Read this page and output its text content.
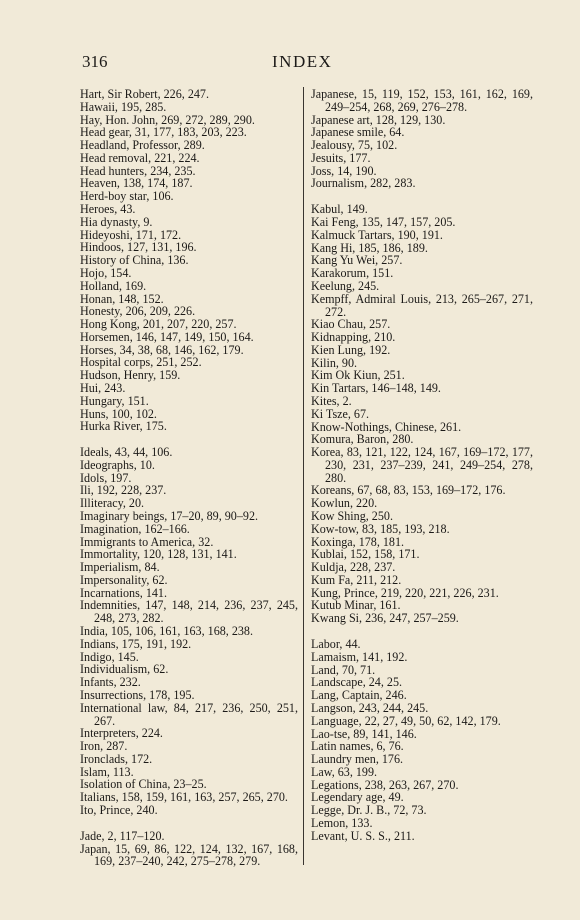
316	INDEX
Hart, Sir Robert, 226, 247.
Hawaii, 195, 285.
Hay, Hon. John, 269, 272, 289, 290.
Head gear, 31, 177, 183, 203, 223.
Headland, Professor, 289.
Head removal, 221, 224.
Head hunters, 234, 235.
Heaven, 138, 174, 187.
Herd-boy star, 106.
Heroes, 43.
Hia dynasty, 9.
Hideyoshi, 171, 172.
Hindoos, 127, 131, 196.
History of China, 136.
Hojo, 154.
Holland, 169.
Honan, 148, 152.
Honesty, 206, 209, 226.
Hong Kong, 201, 207, 220, 257.
Horsemen, 146, 147, 149, 150, 164.
Horses, 34, 38, 68, 146, 162, 179.
Hospital corps, 251, 252.
Hudson, Henry, 159.
Hui, 243.
Hungary, 151.
Huns, 100, 102.
Hurka River, 175.
Ideals, 43, 44, 106.
Ideographs, 10.
Idols, 197.
Ili, 192, 228, 237.
Illiteracy, 20.
Imaginary beings, 17–20, 89, 90–92.
Imagination, 162–166.
Immigrants to America, 32.
Immortality, 120, 128, 131, 141.
Imperialism, 84.
Impersonality, 62.
Incarnations, 141.
Indemnities, 147, 148, 214, 236, 237, 245, 248, 273, 282.
India, 105, 106, 161, 163, 168, 238.
Indians, 175, 191, 192.
Indigo, 145.
Individualism, 62.
Infants, 232.
Insurrections, 178, 195.
International law, 84, 217, 236, 250, 251, 267.
Interpreters, 224.
Iron, 287.
Ironclads, 172.
Islam, 113.
Isolation of China, 23–25.
Italians, 158, 159, 161, 163, 257, 265, 270.
Ito, Prince, 240.
Jade, 2, 117–120.
Japan, 15, 69, 86, 122, 124, 132, 167, 168, 169, 237–240, 242, 275–278, 279.
Japanese, 15, 119, 152, 153, 161, 162, 169, 249–254, 268, 269, 276–278.
Japanese art, 128, 129, 130.
Japanese smile, 64.
Jealousy, 75, 102.
Jesuits, 177.
Joss, 14, 190.
Journalism, 282, 283.
Kabul, 149.
Kai Feng, 135, 147, 157, 205.
Kalmuck Tartars, 190, 191.
Kang Hi, 185, 186, 189.
Kang Yu Wei, 257.
Karakorum, 151.
Keelung, 245.
Kempff, Admiral Louis, 213, 265–267, 271, 272.
Kiao Chau, 257.
Kidnapping, 210.
Kien Lung, 192.
Kilin, 90.
Kim Ok Kiun, 251.
Kin Tartars, 146–148, 149.
Kites, 2.
Ki Tsze, 67.
Know-Nothings, Chinese, 261.
Komura, Baron, 280.
Korea, 83, 121, 122, 124, 167, 169–172, 177, 230, 231, 237–239, 241, 249–254, 278, 280.
Koreans, 67, 68, 83, 153, 169–172, 176.
Kowlun, 220.
Kow Shing, 250.
Kow-tow, 83, 185, 193, 218.
Koxinga, 178, 181.
Kublai, 152, 158, 171.
Kuldja, 228, 237.
Kum Fa, 211, 212.
Kung, Prince, 219, 220, 221, 226, 231.
Kutub Minar, 161.
Kwang Si, 236, 247, 257–259.
Labor, 44.
Lamaism, 141, 192.
Land, 70, 71.
Landscape, 24, 25.
Lang, Captain, 246.
Langson, 243, 244, 245.
Language, 22, 27, 49, 50, 62, 142, 179.
Lao-tse, 89, 141, 146.
Latin names, 6, 76.
Laundry men, 176.
Law, 63, 199.
Legations, 238, 263, 267, 270.
Legendary age, 49.
Legge, Dr. J. B., 72, 73.
Lemon, 133.
Levant, U. S. S., 211.
